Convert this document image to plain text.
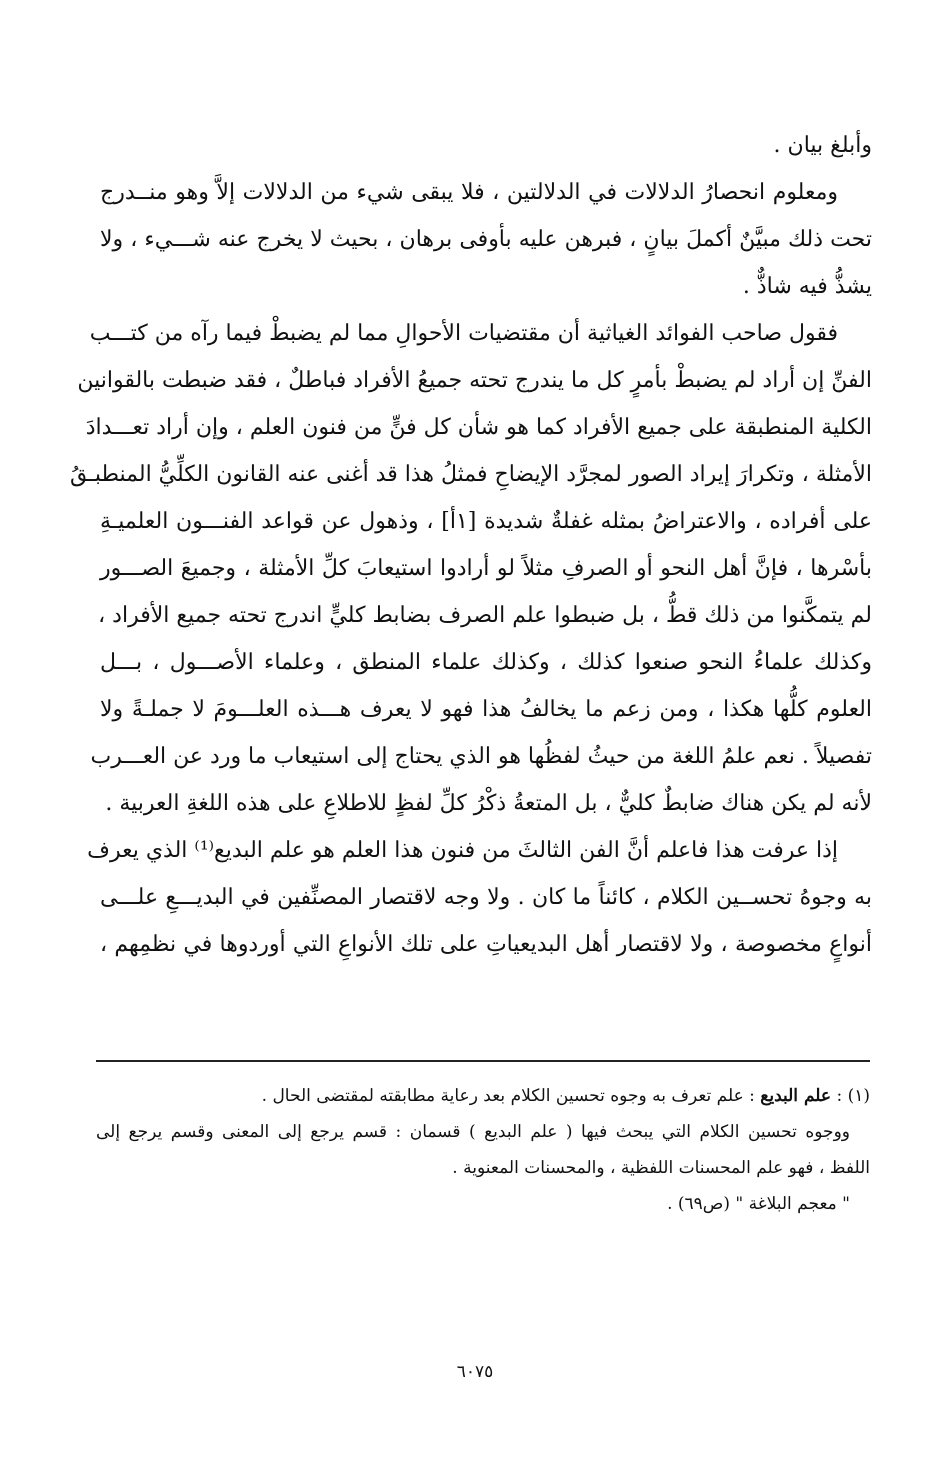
وأبلغ بيان .
ومعلوم انحصارُ الدلالات في الدلالتين ، فلا يبقى شيء من الدلالات إلاَّ وهو منــدرج
تحت ذلك مبيَّنٌ أكملَ بيانٍ ، فبرهن عليه بأوفى برهان ، بحيث لا يخرج عنه شـــيء ، ولا
يشذُّ فيه شاذٌّ .
فقول صاحب الفوائد الغياثية أن مقتضيات الأحوالِ مما لم يضبطْ فيما رآه من كتـــب
الفنِّ إن أراد لم يضبطْ بأمرٍ كل ما يندرج تحته جميعُ الأفراد فباطلٌ ، فقد ضبطت بالقوانين
الكلية المنطبقة على جميع الأفراد كما هو شأن كل فنٍّ من فنون العلم ، وإن أراد تعـــدادَ
الأمثلة ، وتكرارَ إيراد الصور لمجرَّد الإيضاحِ فمثلُ هذا قد أغنى عنه القانون الكلِّيُّ المنطبـقُ
على أفراده ، والاعتراضُ بمثله غفلةٌ شديدة [١أ] ، وذهول عن قواعد الفنـــون العلميـةِ
بأسْرها ، فإنَّ أهل النحو أو الصرفِ مثلاً لو أرادوا استيعابَ كلِّ الأمثلة ، وجميعَ الصـــور
لم يتمكَّنوا من ذلك قطُّ ، بل ضبطوا علم الصرف بضابط كليٍّ اندرج تحته جميع الأفراد ،
وكذلك علماءُ النحو صنعوا كذلك ، وكذلك علماء المنطق ، وعلماء الأصـــول ، بـــل
العلوم كلُّها هكذا ، ومن زعم ما يخالفُ هذا فهو لا يعرف هـــذه العلـــومَ لا جملـةً ولا
تفصيلاً . نعم علمُ اللغة من حيثُ لفظُها هو الذي يحتاج إلى استيعاب ما ورد عن العـــرب
لأنه لم يكن هناك ضابطٌ كليٌّ ، بل المتعةُ ذكْرُ كلِّ لفظٍ للاطلاعِ على هذه اللغةِ العربية .
إذا عرفت هذا فاعلم أنَّ الفن الثالثَ من فنون هذا العلم هو علم البديع⁽¹⁾ الذي يعرف
به وجوهُ تحســين الكلام ، كائناً ما كان . ولا وجه لاقتصار المصنِّفين في البديـــعِ علـــى
أنواعٍ مخصوصة ، ولا لاقتصار أهل البديعياتِ على تلك الأنواعِ التي أوردوها في نظمِهم ،
(١) : علم البديع : علم تعرف به وجوه تحسين الكلام بعد رعاية مطابقته لمقتضى الحال .
ووجوه تحسين الكلام التي يبحث فيها ( علم البديع ) قسمان : قسم يرجع إلى المعنى وقسم يرجع إلى
اللفظ ، فهو علم المحسنات اللفظية ، والمحسنات المعنوية .
" معجم البلاغة " (ص٦٩) .
٦٠٧٥
